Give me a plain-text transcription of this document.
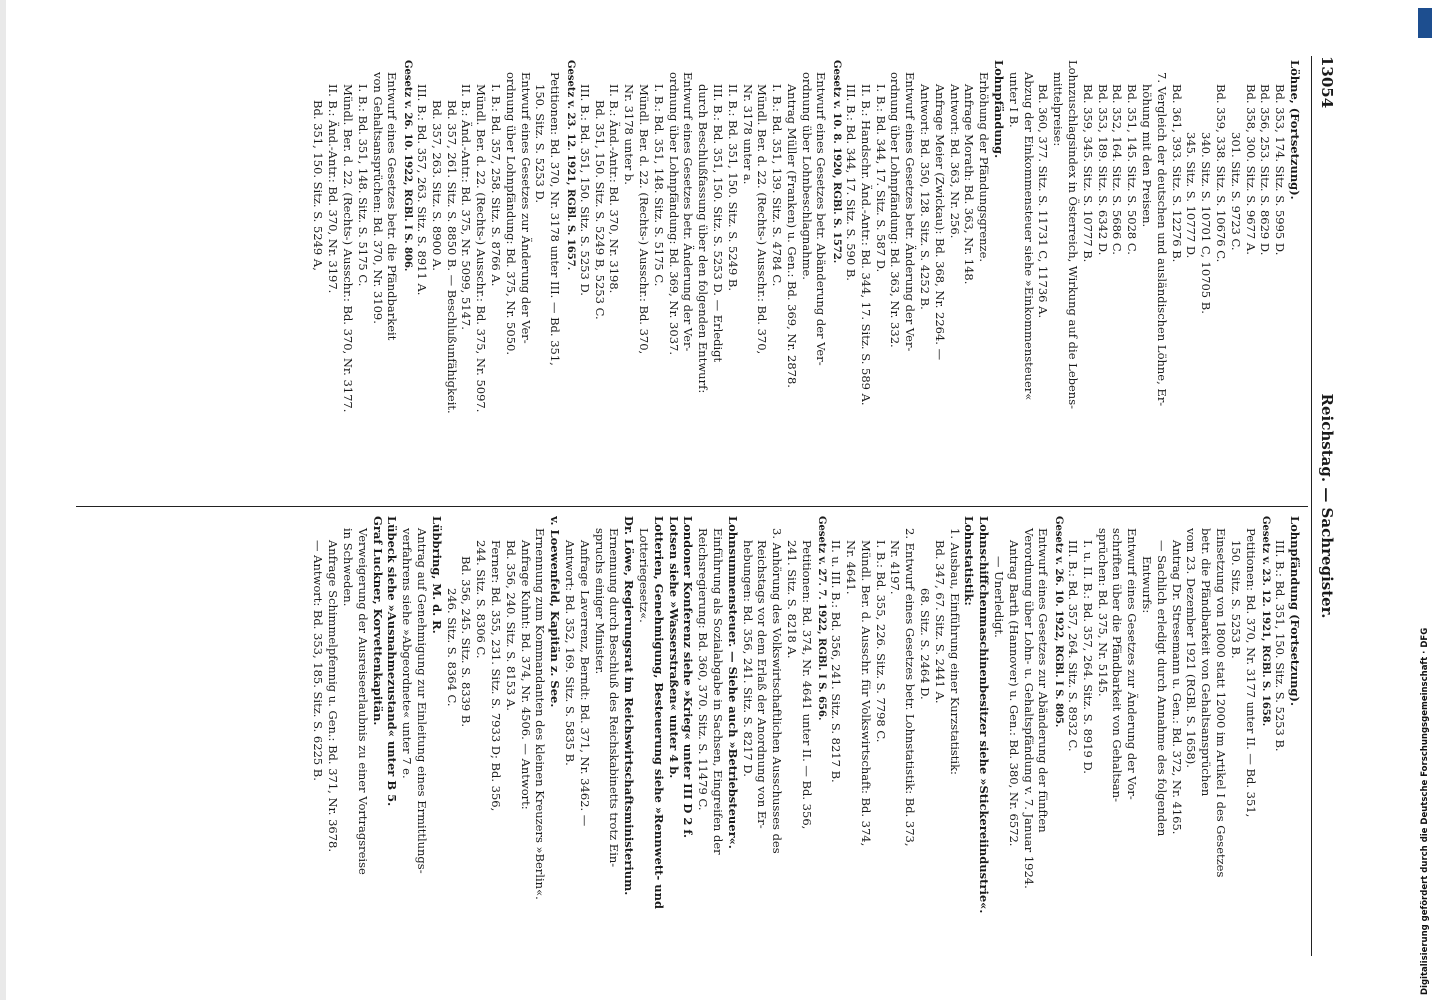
13054
Reichstag. — Sachregister.
Löhne, (Fortsetzung).
Bd. 353, 174. Sitz. S. 5995 D.
Bd. 356, 253. Sitz. S. 8629 D.
Bd. 358, 300. Sitz. S. 9677 A.
301. Sitz. S. 9723 C.
Bd. 359, 338. Sitz. S. 10676 C.
340. Sitz. S. 10701 C, 10705 B.
345. Sitz. S. 10777 D.
Bd. 361, 393. Sitz. S. 12276 B.
7. Vergleich der deutschen und ausländischen Löhne, Er-
höhung mit den Preisen.
Bd. 351, 145. Sitz. S. 5028 C.
Bd. 352, 164. Sitz. S. 5686 C.
Bd. 353, 189. Sitz. S. 6342 D.
Bd. 359, 345. Sitz. S. 10777 B.
Lohnzuschlagsindex in Österreich, Wirkung auf die Lebens-
mittelpreise:
Bd. 360, 377. Sitz. S. 11731 C, 11736 A.
Abzug der Einkommensteuer siehe »Einkommensteuer«
unter I B.
Lohnpfändung.
Erhöhung der Pfändungsgrenze.
Anfrage Morath: Bd. 363, Nr. 148.
Antwort: Bd. 363, Nr. 256.
Anfrage Meier (Zwickau): Bd. 368, Nr. 2264. —
Antwort: Bd. 350, 128. Sitz. S. 4252 B.
Entwurf eines Gesetzes betr. Änderung der Ver-
ordnung über Lohnpfändung: Bd. 363, Nr. 332.
I. B.: Bd. 344, 17. Sitz. S. 587 D.
II. B.: Handschr. Änd.-Antr.: Bd. 344, 17. Sitz. S. 589 A.
III. B.: Bd. 344, 17. Sitz. S. 590 B.
Gesetz v. 10. 8. 1920, RGBl. S. 1572.
Entwurf eines Gesetzes betr. Abänderung der Ver-
ordnung über Lohnbeschlagnahme.
Antrag Müller (Franken) u. Gen.: Bd. 369, Nr. 2878.
I. B.: Bd. 351, 139. Sitz. S. 4784 C.
Mündl. Ber. d. 22. (Rechts-) Ausschr.: Bd. 370,
Nr. 3178 unter a.
II. B.: Bd. 351, 150. Sitz. S. 5249 B.
III. B.: Bd. 351, 150. Sitz. S. 5253 D. — Erledigt
durch Beschlußfassung über den folgenden Entwurf:
Entwurf eines Gesetzes betr. Änderung der Ver-
ordnung über Lohnpfändung: Bd. 369, Nr. 3037.
I. B.: Bd. 351, 148. Sitz. S. 5175 C.
Mündl. Ber. d. 22. (Rechts-) Ausschr.: Bd. 370,
Nr. 3178 unter b.
II. B.: Änd.-Antr.: Bd. 370, Nr. 3198.
Bd. 351, 150. Sitz. S. 5249 B, 5253 C.
III. B.: Bd. 351, 150. Sitz. S. 5253 D.
Gesetz v. 23. 12. 1921, RGBl. S. 1657.
Petitionen: Bd. 370, Nr. 3178 unter III. — Bd. 351,
150. Sitz. S. 5253 D.
Entwurf eines Gesetzes zur Änderung der Ver-
ordnung über Lohnpfändung: Bd. 375, Nr. 5050.
I. B.: Bd. 357, 258. Sitz. S. 8766 A.
Mündl. Ber. d. 22. (Rechts-) Ausschr.: Bd. 375, Nr. 5097.
II. B.: Änd.-Antr.: Bd. 375, Nr. 5099, 5147.
Bd. 357, 261. Sitz. S. 8850 B. — Beschlußunfähigkeit.
Bd. 357, 263. Sitz. S. 8900 A.
III. B.: Bd. 357, 263. Sitz. S. 8911 A.
Gesetz v. 26. 10. 1922, RGBl. I S. 806.
Entwurf eines Gesetzes betr. die Pfändbarkeit
von Gehaltsansprüchen: Bd. 370, Nr. 3109.
I. B.: Bd. 351, 148. Sitz. S. 5175 C.
Mündl. Ber. d. 22. (Rechts-) Ausschr.: Bd. 370, Nr. 3177.
II. B.: Änd.-Antr.: Bd. 370, Nr. 3197.
Bd. 351, 150. Sitz. S. 5249 A,
Lohnpfändung (Fortsetzung).
III. B.: Bd. 351, 150. Sitz. S. 5253 B.
Gesetz v. 23. 12. 1921, RGBl. S. 1658.
Petitionen: Bd. 370, Nr. 3177 unter II. — Bd. 351,
150. Sitz. S. 5253 B.
Einsetzung von 18000 statt 12000 im Artikel I des Gesetzes
betr. die Pfändbarkeit von Gehaltsansprüchen
vom 23. Dezember 1921 (RGBl. S. 1658).
Antrag Dr. Stresemann u. Gen.: Bd. 372, Nr. 4165.
— Sachlich erledigt durch Annahme des folgenden
Entwurfs:
Entwurf eines Gesetzes zur Änderung der Vor-
schriften über die Pfändbarkeit von Gehaltsan-
sprüchen: Bd. 375, Nr. 5145.
I. u. II. B.: Bd. 357, 264. Sitz. S. 8919 D.
III. B.: Bd. 357, 264. Sitz. S. 8932 C.
Gesetz v. 26. 10. 1922, RGBl. I S. 805.
Entwurf eines Gesetzes zur Abänderung der fünften
Verordnung über Lohn- u. Gehaltspfändung v. 7. Januar 1924.
Antrag Barth (Hannover) u. Gen.: Bd. 380, Nr. 6572.
— Unerledigt.
Lohnschiffchenmaschinenbesitzer siehe »Stickereiindustrie«.
Lohnstatistik:
1. Ausbau, Einführung einer Kurzstatistik:
Bd. 347, 67. Sitz. S. 2441 A.
68. Sitz. S. 2464 D.
2. Entwurf eines Gesetzes betr. Lohnstatistik: Bd. 373,
Nr. 4197.
I. B.: Bd. 355, 226. Sitz. S. 7798 C.
Mündl. Ber. d. Ausschr. für Volkswirtschaft: Bd. 374,
Nr. 4641.
II. u. III. B.: Bd. 356, 241. Sitz. S. 8217 B.
Gesetz v. 27. 7. 1922, RGBl. I S. 656.
Petitionen: Bd. 374, Nr. 4641 unter II. — Bd. 356,
241. Sitz. S. 8218 A.
3. Anhörung des Volkswirtschaftlichen Ausschusses des
Reichstags vor dem Erlaß der Anordnung von Er-
hebungen: Bd. 356, 241. Sitz. S. 8217 D.
Lohnsummensteuer. — Siehe auch »Betriebsteuer«.
Einführung als Sozialabgabe in Sachsen, Eingreifen der
Reichsregierung: Bd. 360, 370. Sitz. S. 11479 C.
Londoner Konferenz siehe »Krieg« unter III D 2 f.
Lotsen siehe »Wasserstraßen« unter 4 b.
Lotterien, Genehmigung, Besteuerung siehe »Rennwett- und
Lotteriegesetz«.
Dr. Löwe, Regierungsrat im Reichswirtschaftsministerium.
Ernennung durch Beschluß des Reichskabinetts trotz Ein-
spruchs einiger Minister.
Anfrage Laverrenz, Berndt: Bd. 371, Nr. 3462. —
Antwort: Bd. 352, 169. Sitz. S. 5835 B.
v. Loewenfeld, Kapitän z. See.
Ernennung zum Kommandanten des kleinen Kreuzers »Berlin«.
Anfrage Kuhnt: Bd. 374, Nr. 4506. — Antwort:
Bd. 356, 240. Sitz. S. 8153 A.
Ferner: Bd. 355, 231. Sitz. S. 7933 D; Bd. 356,
244. Sitz. S. 8306 C.
Bd. 356, 245. Sitz. S. 8339 B.
246. Sitz. S. 8364 C.
Lübbring, M. d. R.
Antrag auf Genehmigung zur Einleitung eines Ermittlungs-
verfahrens siehe »Abgeordnete« unter 7 e.
Lübeck siehe »Ausnahmezustand« unter B 5.
Graf Luckner, Korvettenkapitän.
Verweigerung der Ausreiseerlaubnis zu einer Vortragsreise
in Schweden.
Anfrage Schimmelpfennig u. Gen.: Bd. 371, Nr. 3678.
— Antwort: Bd. 353, 185. Sitz. S. 6225 B.	Digitalisierung gefördert durch die Deutsche Forschungsgemeinschaft · DFG
